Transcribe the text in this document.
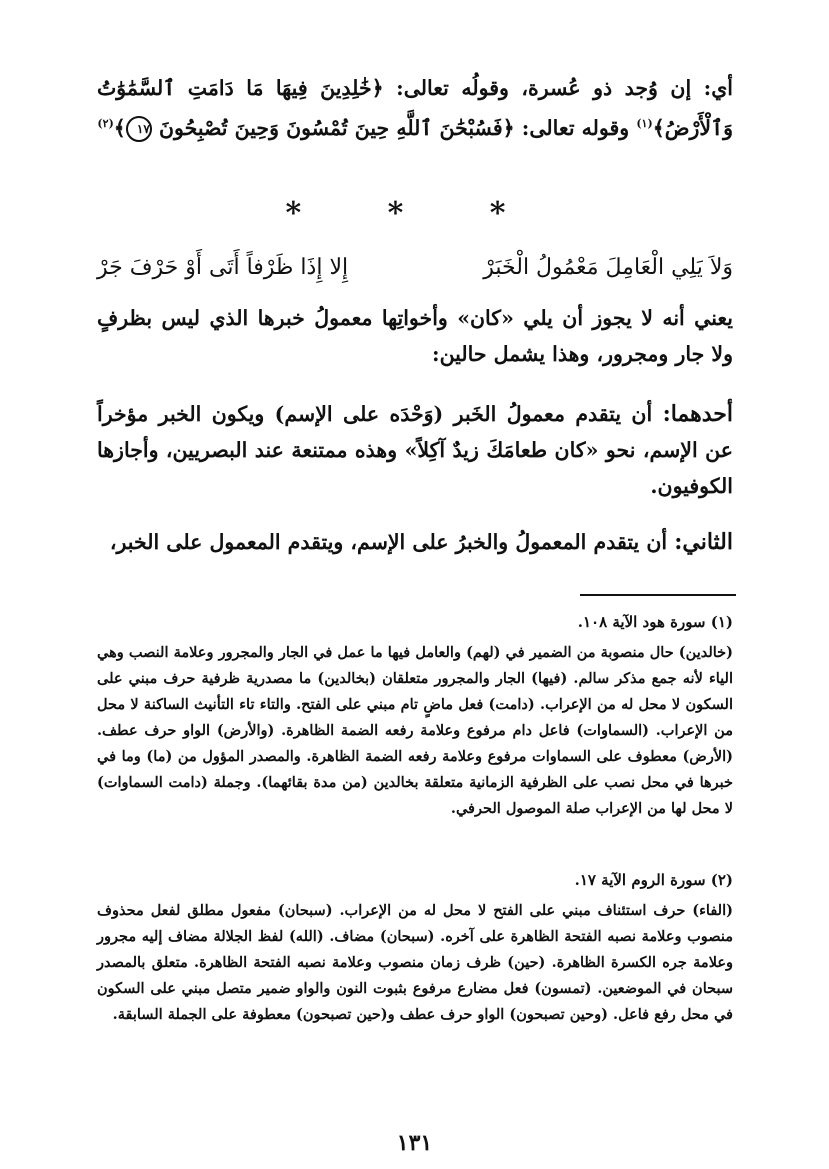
أي: إن وُجد ذو عُسرة، وقولُه تعالى: ﴿خَٰلِدِينَ فِيهَا مَا دَامَتِ ٱلسَّمَٰوَٰتُ وَٱلْأَرْضُ﴾$^{(١)}$ وقوله تعالى: ﴿فَسُبْحَٰنَ ٱللَّهِ حِينَ تُمْسُونَ وَحِينَ تُصْبِحُونَ ١٧﴾$^{(٢)}$
* * *
وَلاَ يَلِي الْعَامِلَ مَعْمُولُ الْخَبَرْ
إِلا إِذَا ظَرْفاً أَتَى أَوْ حَرْفَ جَرْ
يعني أنه لا يجوز أن يلي «كان» وأخواتِها معمولُ خبرها الذي ليس بظرفٍ ولا جار ومجرور، وهذا يشمل حالين:
أحدهما: أن يتقدم معمولُ الخَبر (وَحْدَه على الإسم) ويكون الخبر مؤخراً عن الإسم، نحو «كان طعامَكَ زيدٌ آكِلاً» وهذه ممتنعة عند البصريين، وأجازها الكوفيون.
الثاني: أن يتقدم المعمولُ والخبرُ على الإسم، ويتقدم المعمول على الخبر،
(١) سورة هود الآية ١٠٨.
(خالدين) حال منصوبة من الضمير في (لهم) والعامل فيها ما عمل في الجار والمجرور وعلامة النصب وهي الياء لأنه جمع مذكر سالم. (فيها) الجار والمجرور متعلقان (بخالدين) ما مصدرية ظرفية حرف مبني على السكون لا محل له من الإعراب. (دامت) فعل ماضٍ تام مبني على الفتح. والتاء تاء التأنيث الساكنة لا محل من الإعراب. (السماوات) فاعل دام مرفوع وعلامة رفعه الضمة الظاهرة. (والأرض) الواو حرف عطف. (الأرض) معطوف على السماوات مرفوع وعلامة رفعه الضمة الظاهرة. والمصدر المؤول من (ما) وما في خبرها في محل نصب على الظرفية الزمانية متعلقة بخالدين (من مدة بقائهما). وجملة (دامت السماوات) لا محل لها من الإعراب صلة الموصول الحرفي.
(٢) سورة الروم الآية ١٧.
(الفاء) حرف استئناف مبني على الفتح لا محل له من الإعراب. (سبحان) مفعول مطلق لفعل محذوف منصوب وعلامة نصبه الفتحة الظاهرة على آخره. (سبحان) مضاف. (الله) لفظ الجلالة مضاف إليه مجرور وعلامة جره الكسرة الظاهرة. (حين) ظرف زمان منصوب وعلامة نصبه الفتحة الظاهرة. متعلق بالمصدر سبحان في الموضعين. (تمسون) فعل مضارع مرفوع بثبوت النون والواو ضمير متصل مبني على السكون في محل رفع فاعل. (وحين تصبحون) الواو حرف عطف و(حين تصبحون) معطوفة على الجملة السابقة.
١٣١
